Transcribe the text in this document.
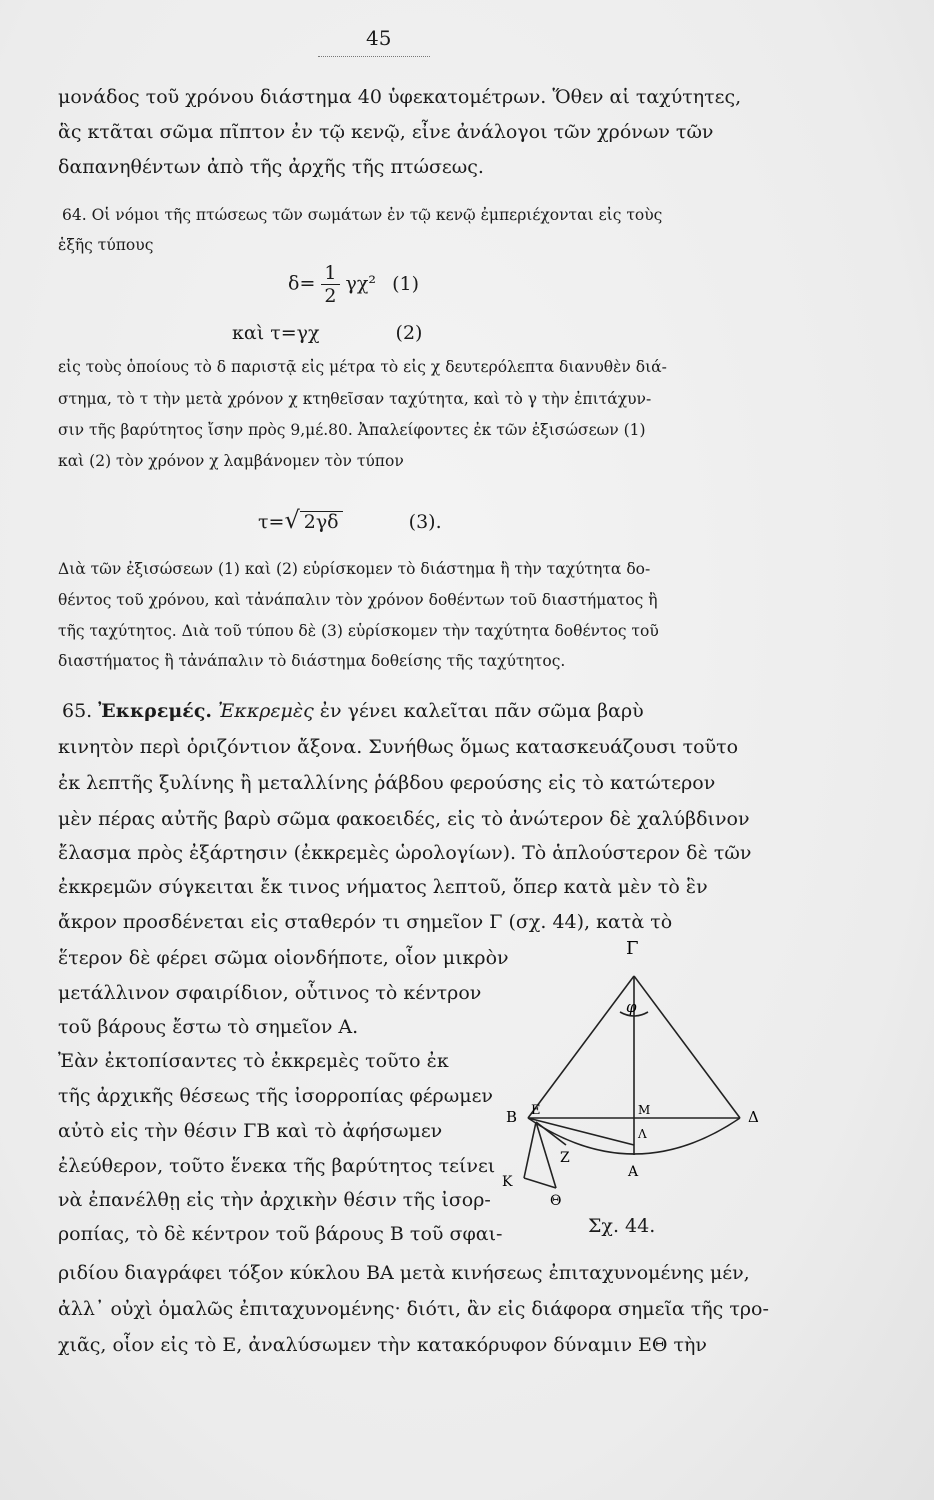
45
μονάδος τοῦ χρόνου διάστημα 40 ὑφεκατομέτρων. Ὅθεν αἱ ταχύτητες,
ἃς κτᾶται σῶμα πῖπτον ἐν τῷ κενῷ, εἶνε ἀνάλογοι τῶν χρόνων τῶν
δαπανηθέντων ἀπὸ τῆς ἀρχῆς τῆς πτώσεως.
64. Οἱ νόμοι τῆς πτώσεως τῶν σωμάτων ἐν τῷ κενῷ ἐμπεριέχονται εἰς τοὺς
ἑξῆς τύπους
$\delta= \frac{1}{2} \gamma\chi^2$ (1)
καὶ τ=γχ	(2)
εἰς τοὺς ὁποίους τὸ δ παριστᾷ εἰς μέτρα τὸ εἰς χ δευτερόλεπτα διανυθὲν διά-
στημα, τὸ τ τὴν μετὰ χρόνον χ κτηθεῖσαν ταχύτητα, καὶ τὸ γ τὴν ἐπιτάχυν-
σιν τῆς βαρύτητος ἴσην πρὸς 9,μέ.80. Ἀπαλείφοντες ἐκ τῶν ἐξισώσεων (1)
καὶ (2) τὸν χρόνον χ λαμβάνομεν τὸν τύπον
τ=√ 2γδ	(3).
Διὰ τῶν ἐξισώσεων (1) καὶ (2) εὑρίσκομεν τὸ διάστημα ἢ τὴν ταχύτητα δο-
θέντος τοῦ χρόνου, καὶ τἀνάπαλιν τὸν χρόνον δοθέντων τοῦ διαστήματος ἢ
τῆς ταχύτητος. Διὰ τοῦ τύπου δὲ (3) εὑρίσκομεν τὴν ταχύτητα δοθέντος τοῦ
διαστήματος ἢ τἀνάπαλιν τὸ διάστημα δοθείσης τῆς ταχύτητος.
65. Ἐκκρεμές. Ἐκκρεμὲς ἐν γένει καλεῖται πᾶν σῶμα βαρὺ
κινητὸν περὶ ὁριζόντιον ἄξονα. Συνήθως ὅμως κατασκευάζουσι τοῦτο
ἐκ λεπτῆς ξυλίνης ἢ μεταλλίνης ῥάβδου φερούσης εἰς τὸ κατώτερον
μὲν πέρας αὐτῆς βαρὺ σῶμα φακοειδές, εἰς τὸ ἀνώτερον δὲ χαλύβδινον
ἔλασμα πρὸς ἐξάρτησιν (ἐκκρεμὲς ὡρολογίων). Τὸ ἁπλούστερον δὲ τῶν
ἐκκρεμῶν σύγκειται ἔκ τινος νήματος λεπτοῦ, ὅπερ κατὰ μὲν τὸ ἓν
ἄκρον προσδένεται εἰς σταθερόν τι σημεῖον Γ (σχ. 44), κατὰ τὸ
ἕτερον δὲ φέρει σῶμα οἱονδήποτε, οἷον μικρὸν
μετάλλινον σφαιρίδιον, οὗτινος τὸ κέντρον
τοῦ βάρους ἔστω τὸ σημεῖον Α.
Ἐὰν ἐκτοπίσαντες τὸ ἐκκρεμὲς τοῦτο ἐκ
τῆς ἀρχικῆς θέσεως τῆς ἰσορροπίας φέρωμεν
αὐτὸ εἰς τὴν θέσιν ΓΒ καὶ τὸ ἀφήσωμεν
ἐλεύθερον, τοῦτο ἕνεκα τῆς βαρύτητος τείνει
νὰ ἐπανέλθῃ εἰς τὴν ἀρχικὴν θέσιν τῆς ἰσορ-
ροπίας, τὸ δὲ κέντρον τοῦ βάρους Β τοῦ σφαι-
ριδίου διαγράφει τόξον κύκλου ΒΑ μετὰ κινήσεως ἐπιταχυνομένης μέν,
ἀλλ᾽ οὐχὶ ὁμαλῶς ἐπιταχυνομένης· διότι, ἂν εἰς διάφορα σημεῖα τῆς τρο-
χιᾶς, οἷον εἰς τὸ Ε, ἀναλύσωμεν τὴν κατακόρυφον δύναμιν ΕΘ τὴν
Γ
φ
Β	Δ
Ε	Μ
Λ
Α
Ζ
Κ
Θ
Σχ. 44.
